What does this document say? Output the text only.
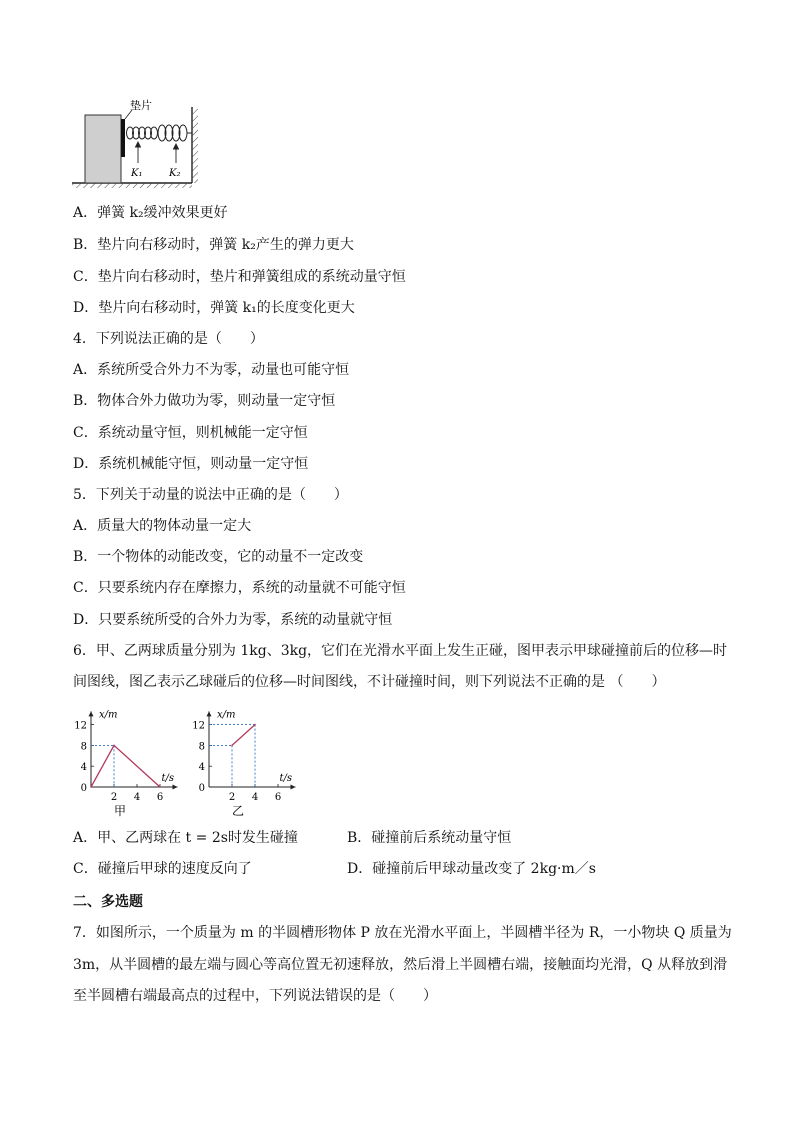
垫片
K₁	K₂
A．弹簧 k₂缓冲效果更好
B．垫片向右移动时，弹簧 k₂产生的弹力更大
C．垫片向右移动时，垫片和弹簧组成的系统动量守恒
D．垫片向右移动时，弹簧 k₁的长度变化更大
4．下列说法正确的是（　　）
A．系统所受合外力不为零，动量也可能守恒
B．物体合外力做功为零，则动量一定守恒
C．系统动量守恒，则机械能一定守恒
D．系统机械能守恒，则动量一定守恒
5．下列关于动量的说法中正确的是（　　）
A．质量大的物体动量一定大
B．一个物体的动能改变，它的动量不一定改变
C．只要系统内存在摩擦力，系统的动量就不可能守恒
D．只要系统所受的合外力为零，系统的动量就守恒
6．甲、乙两球质量分别为 1kg、3kg，它们在光滑水平面上发生正碰，图甲表示甲球碰撞前后的位移—时
间图线，图乙表示乙球碰后的位移—时间图线，不计碰撞时间，则下列说法不正确的是 （　　）
x/m
t/s
0
4
8
12
2 4 6
甲
x/m
t/s
0
4
8
12
2 4 6
乙
A．甲、乙两球在 t = 2s时发生碰撞	B．碰撞前后系统动量守恒
C．碰撞后甲球的速度反向了	D．碰撞前后甲球动量改变了 2kg·m／s
二、多选题
7．如图所示，一个质量为 m 的半圆槽形物体 P 放在光滑水平面上，半圆槽半径为 R，一小物块 Q 质量为
3m，从半圆槽的最左端与圆心等高位置无初速释放，然后滑上半圆槽右端，接触面均光滑，Q 从释放到滑
至半圆槽右端最高点的过程中，下列说法错误的是（　　）
